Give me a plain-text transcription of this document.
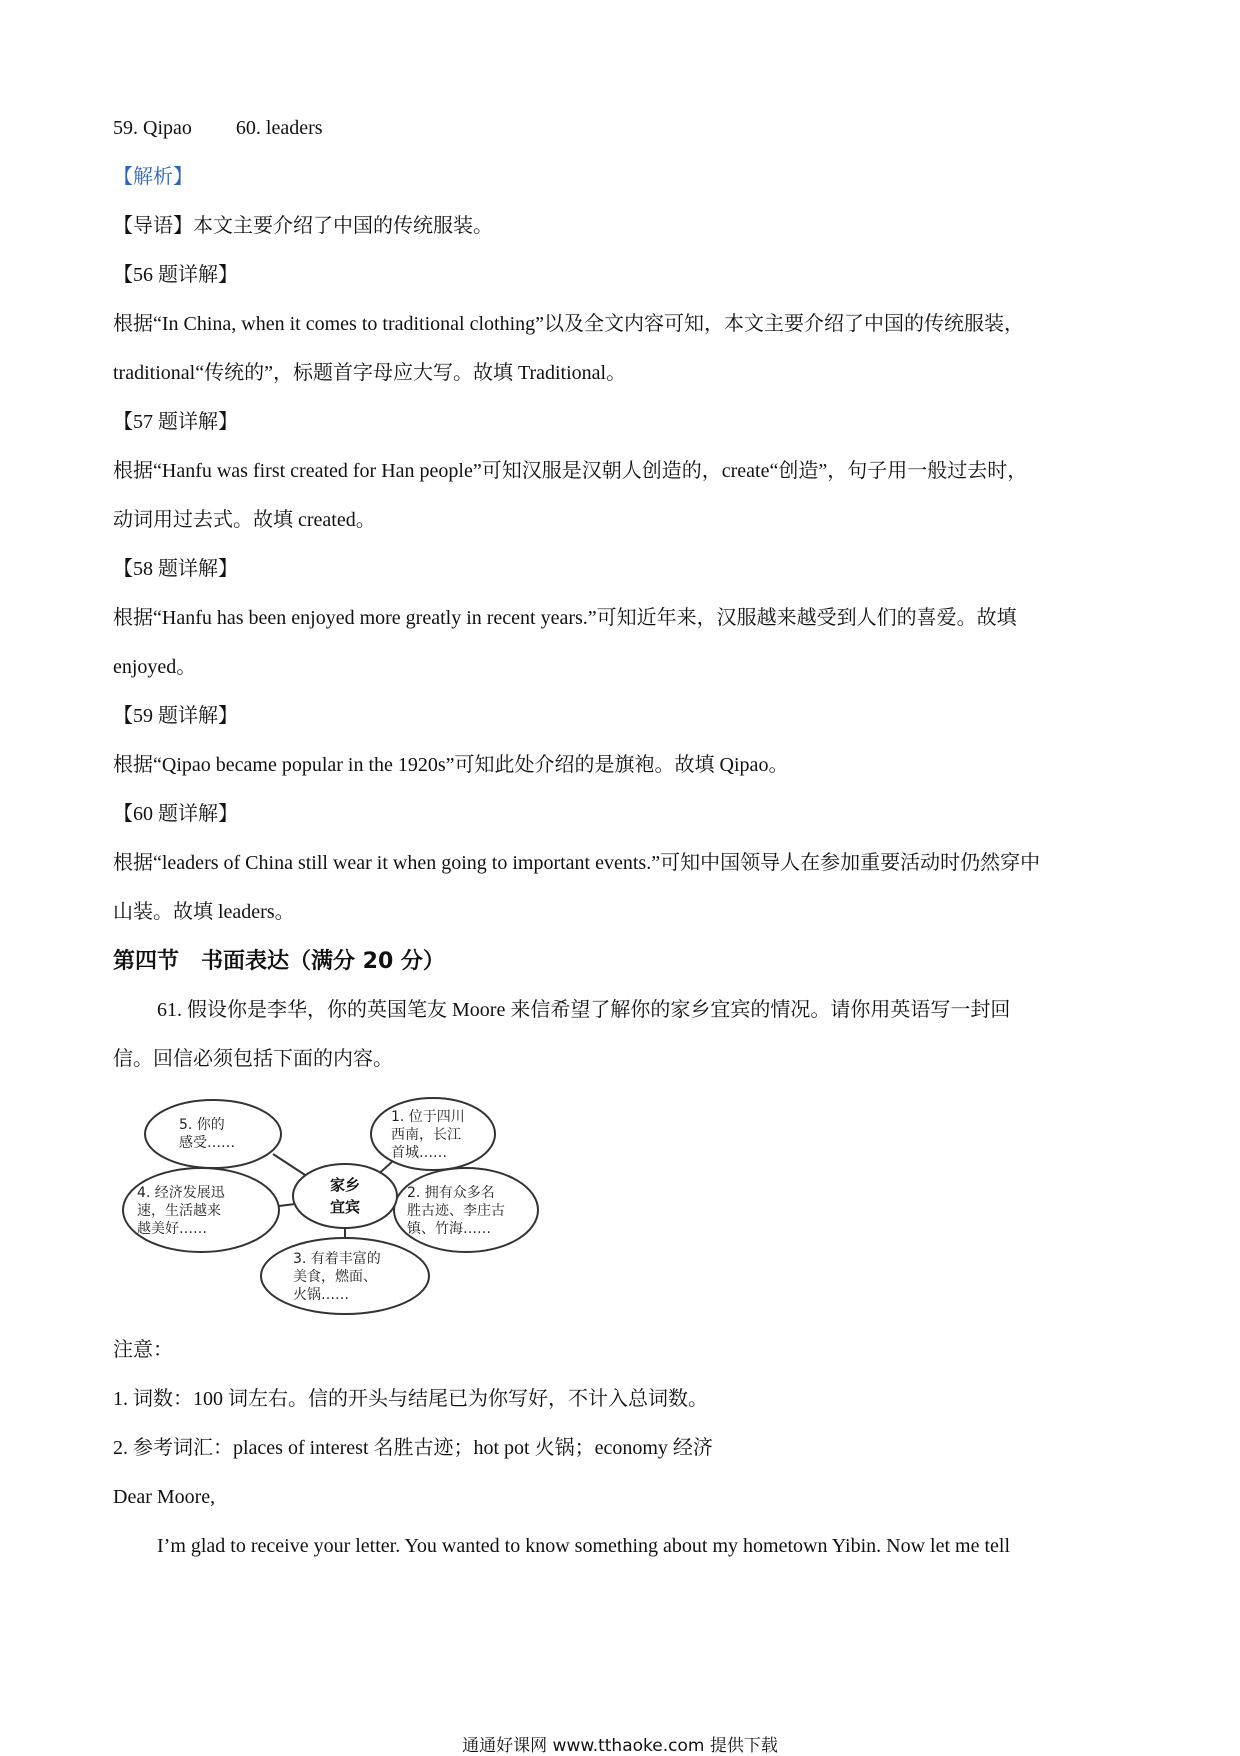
59. Qipao 60. leaders
【解析】
【导语】本文主要介绍了中国的传统服装。
【56 题详解】
根据“In China, when it comes to traditional clothing”以及全文内容可知，本文主要介绍了中国的传统服装，
traditional“传统的”，标题首字母应大写。故填 Traditional。
【57 题详解】
根据“Hanfu was first created for Han people”可知汉服是汉朝人创造的，create“创造”，句子用一般过去时，
动词用过去式。故填 created。
【58 题详解】
根据“Hanfu has been enjoyed more greatly in recent years.”可知近年来，汉服越来越受到人们的喜爱。故填
enjoyed。
【59 题详解】
根据“Qipao became popular in the 1920s”可知此处介绍的是旗袍。故填 Qipao。
【60 题详解】
根据“leaders of China still wear it when going to important events.”可知中国领导人在参加重要活动时仍然穿中
山装。故填 leaders。
第四节　书面表达（满分 20 分）
61. 假设你是李华，你的英国笔友 Moore 来信希望了解你的家乡宜宾的情况。请你用英语写一封回
信。回信必须包括下面的内容。
家乡
宜宾
5. 你的
感受……
1. 位于四川
西南，长江
首城……
4. 经济发展迅
速，生活越来
越美好……
2. 拥有众多名
胜古迹、李庄古
镇、竹海……
3. 有着丰富的
美食，燃面、
火锅……
注意：
1. 词数：100 词左右。信的开头与结尾已为你写好，不计入总词数。
2. 参考词汇：places of interest 名胜古迹；hot pot 火锅；economy 经济
Dear Moore,
I’m glad to receive your letter. You wanted to know something about my hometown Yibin. Now let me tell
通通好课网 www.tthaoke.com 提供下载
